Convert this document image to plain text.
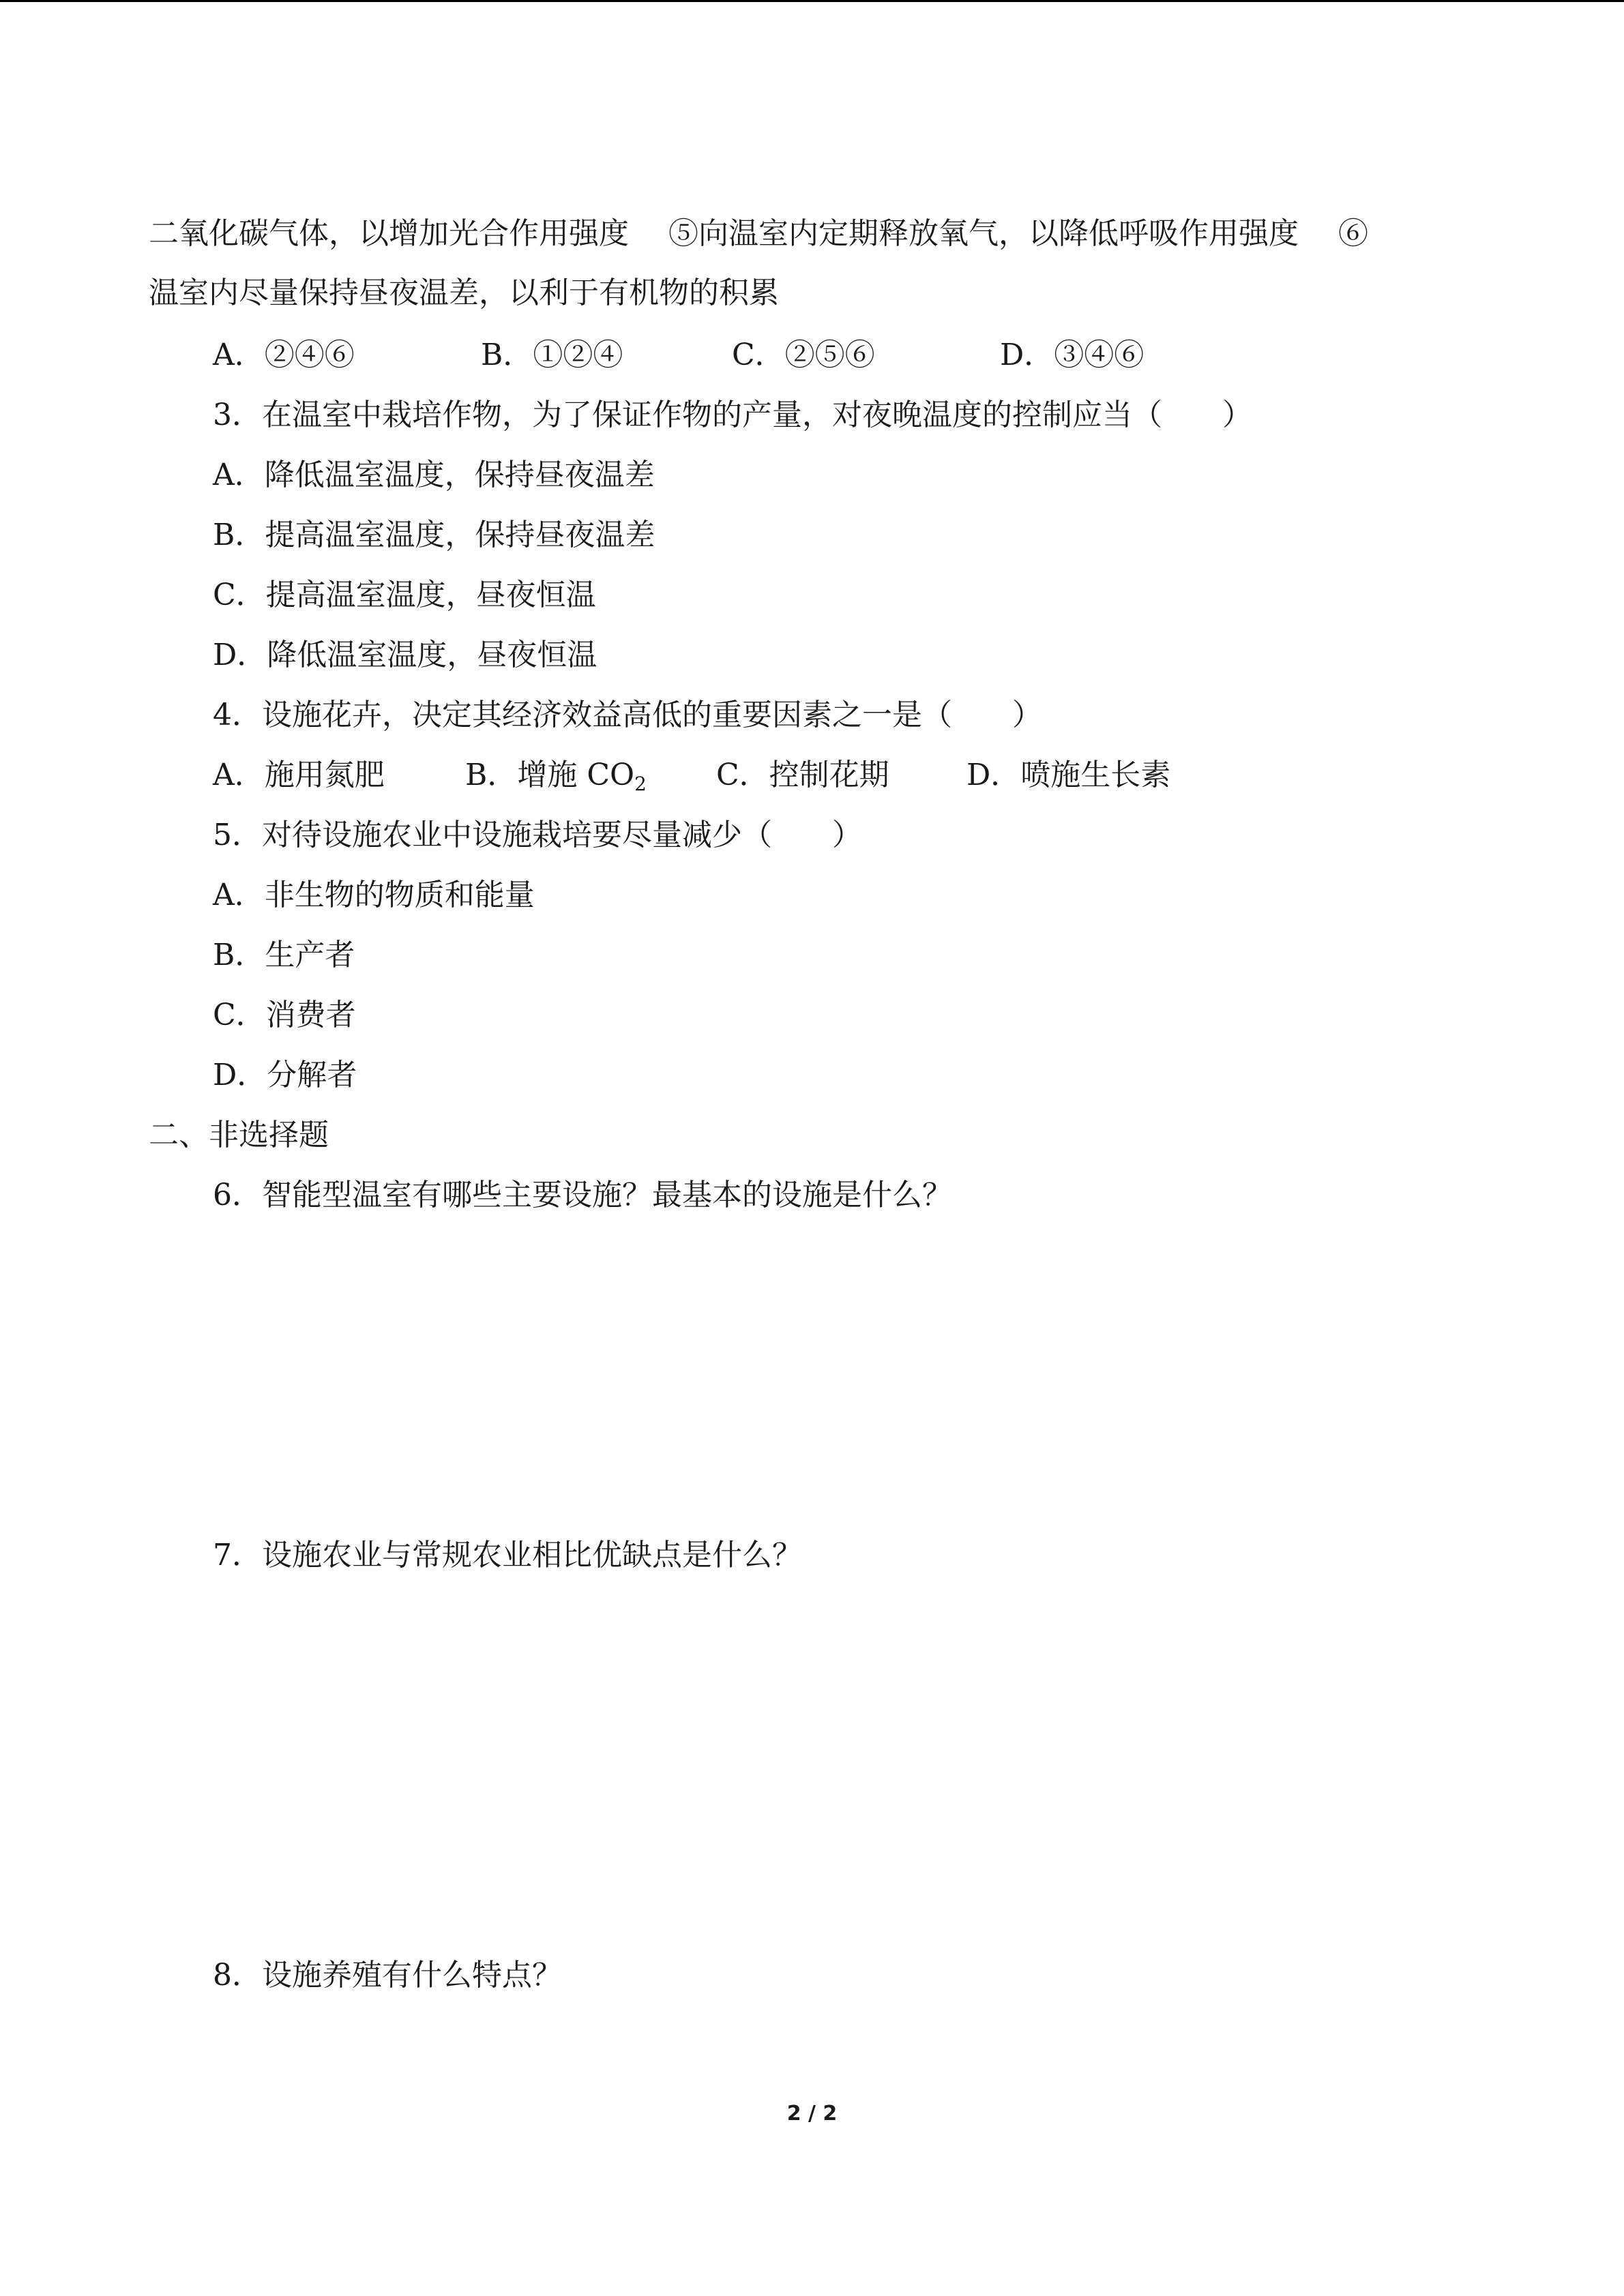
二氧化碳气体，以增加光合作用强度　 ⑤向温室内定期释放氧气，以降低呼吸作用强度　 ⑥
温室内尽量保持昼夜温差，以利于有机物的积累
A．②④⑥	B．①②④	C．②⑤⑥	D．③④⑥
3．在温室中栽培作物，为了保证作物的产量，对夜晚温度的控制应当（　　）
A．降低温室温度，保持昼夜温差
B．提高温室温度，保持昼夜温差
C．提高温室温度，昼夜恒温
D．降低温室温度，昼夜恒温
4．设施花卉，决定其经济效益高低的重要因素之一是（　　）
A．施用氮肥	B．增施 $CO_2$ C．控制花期	D．喷施生长素
5．对待设施农业中设施栽培要尽量减少（　　）
A．非生物的物质和能量
B．生产者
C．消费者
D．分解者
二、非选择题
6．智能型温室有哪些主要设施？最基本的设施是什么？
7．设施农业与常规农业相比优缺点是什么？
8．设施养殖有什么特点？
2 / 2
